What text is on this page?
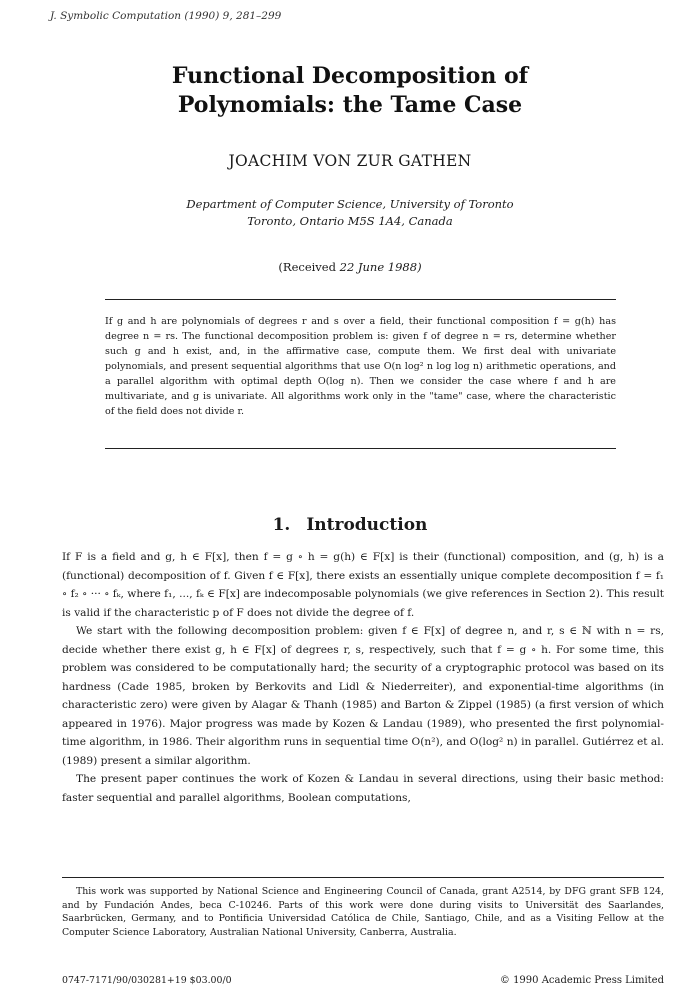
J. Symbolic Computation (1990) 9, 281–299
Functional Decomposition of
Polynomials: the Tame Case
JOACHIM VON ZUR GATHEN
Department of Computer Science, University of Toronto
Toronto, Ontario M5S 1A4, Canada
(Received 22 June 1988)
If g and h are polynomials of degrees r and s over a field, their functional composition f = g(h) has degree n = rs. The functional decomposition problem is: given f of degree n = rs, determine whether such g and h exist, and, in the affirmative case, compute them. We first deal with univariate polynomials, and present sequential algorithms that use O(n log² n log log n) arithmetic operations, and a parallel algorithm with optimal depth O(log n). Then we consider the case where f and h are multivariate, and g is univariate. All algorithms work only in the "tame" case, where the characteristic of the field does not divide r.
1. Introduction

If F is a field and g, h ∈ F[x], then f = g ∘ h = g(h) ∈ F[x] is their (functional) composition, and (g, h) is a (functional) decomposition of f. Given f ∈ F[x], there exists an essentially unique complete decomposition f = f₁ ∘ f₂ ∘ ··· ∘ fₖ, where f₁, ..., fₖ ∈ F[x] are indecomposable polynomials (we give references in Section 2). This result is valid if the characteristic p of F does not divide the degree of f.

We start with the following decomposition problem: given f ∈ F[x] of degree n, and r, s ∈ ℕ with n = rs, decide whether there exist g, h ∈ F[x] of degrees r, s, respectively, such that f = g ∘ h. For some time, this problem was considered to be computationally hard; the security of a cryptographic protocol was based on its hardness (Cade 1985, broken by Berkovits and Lidl & Niederreiter), and exponential-time algorithms (in characteristic zero) were given by Alagar & Thanh (1985) and Barton & Zippel (1985) (a first version of which appeared in 1976). Major progress was made by Kozen & Landau (1989), who presented the first polynomial-time algorithm, in 1986. Their algorithm runs in sequential time O(n²), and O(log² n) in parallel. Gutiérrez et al. (1989) present a similar algorithm.

The present paper continues the work of Kozen & Landau in several directions, using their basic method: faster sequential and parallel algorithms, Boolean computations,

This work was supported by National Science and Engineering Council of Canada, grant A2514, by DFG grant SFB 124, and by Fundación Andes, beca C-10246. Parts of this work were done during visits to Universität des Saarlandes, Saarbrücken, Germany, and to Pontificia Universidad Católica de Chile, Santiago, Chile, and as a Visiting Fellow at the Computer Science Laboratory, Australian National University, Canberra, Australia.
0747-7171/90/030281+19 $03.00/0	© 1990 Academic Press Limited
